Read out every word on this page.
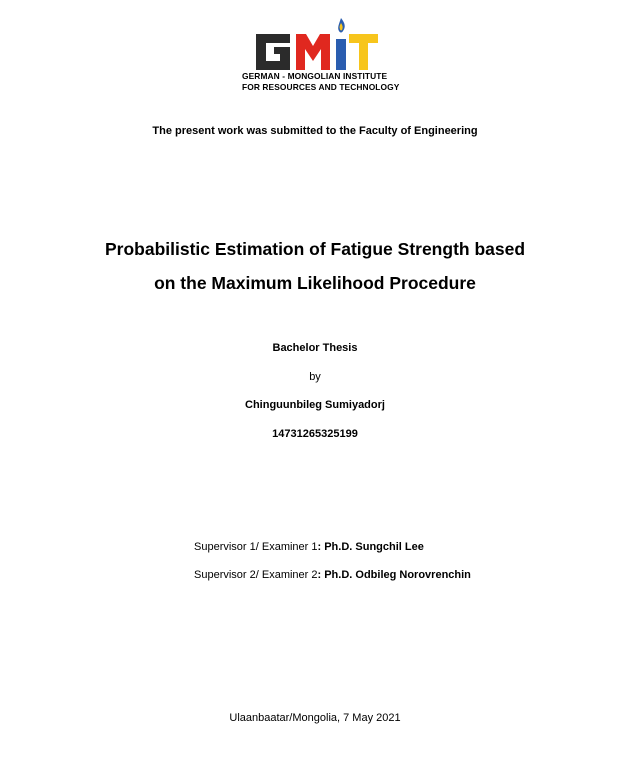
GERMAN - MONGOLIAN INSTITUTE
FOR RESOURCES AND TECHNOLOGY
The present work was submitted to the Faculty of Engineering
Probabilistic Estimation of Fatigue Strength based
on the Maximum Likelihood Procedure
Bachelor Thesis
by
Chinguunbileg Sumiyadorj
14731265325199
Supervisor 1/ Examiner 1: Ph.D. Sungchil Lee
Supervisor 2/ Examiner 2: Ph.D. Odbileg Norovrenchin
Ulaanbaatar/Mongolia, 7 May 2021
